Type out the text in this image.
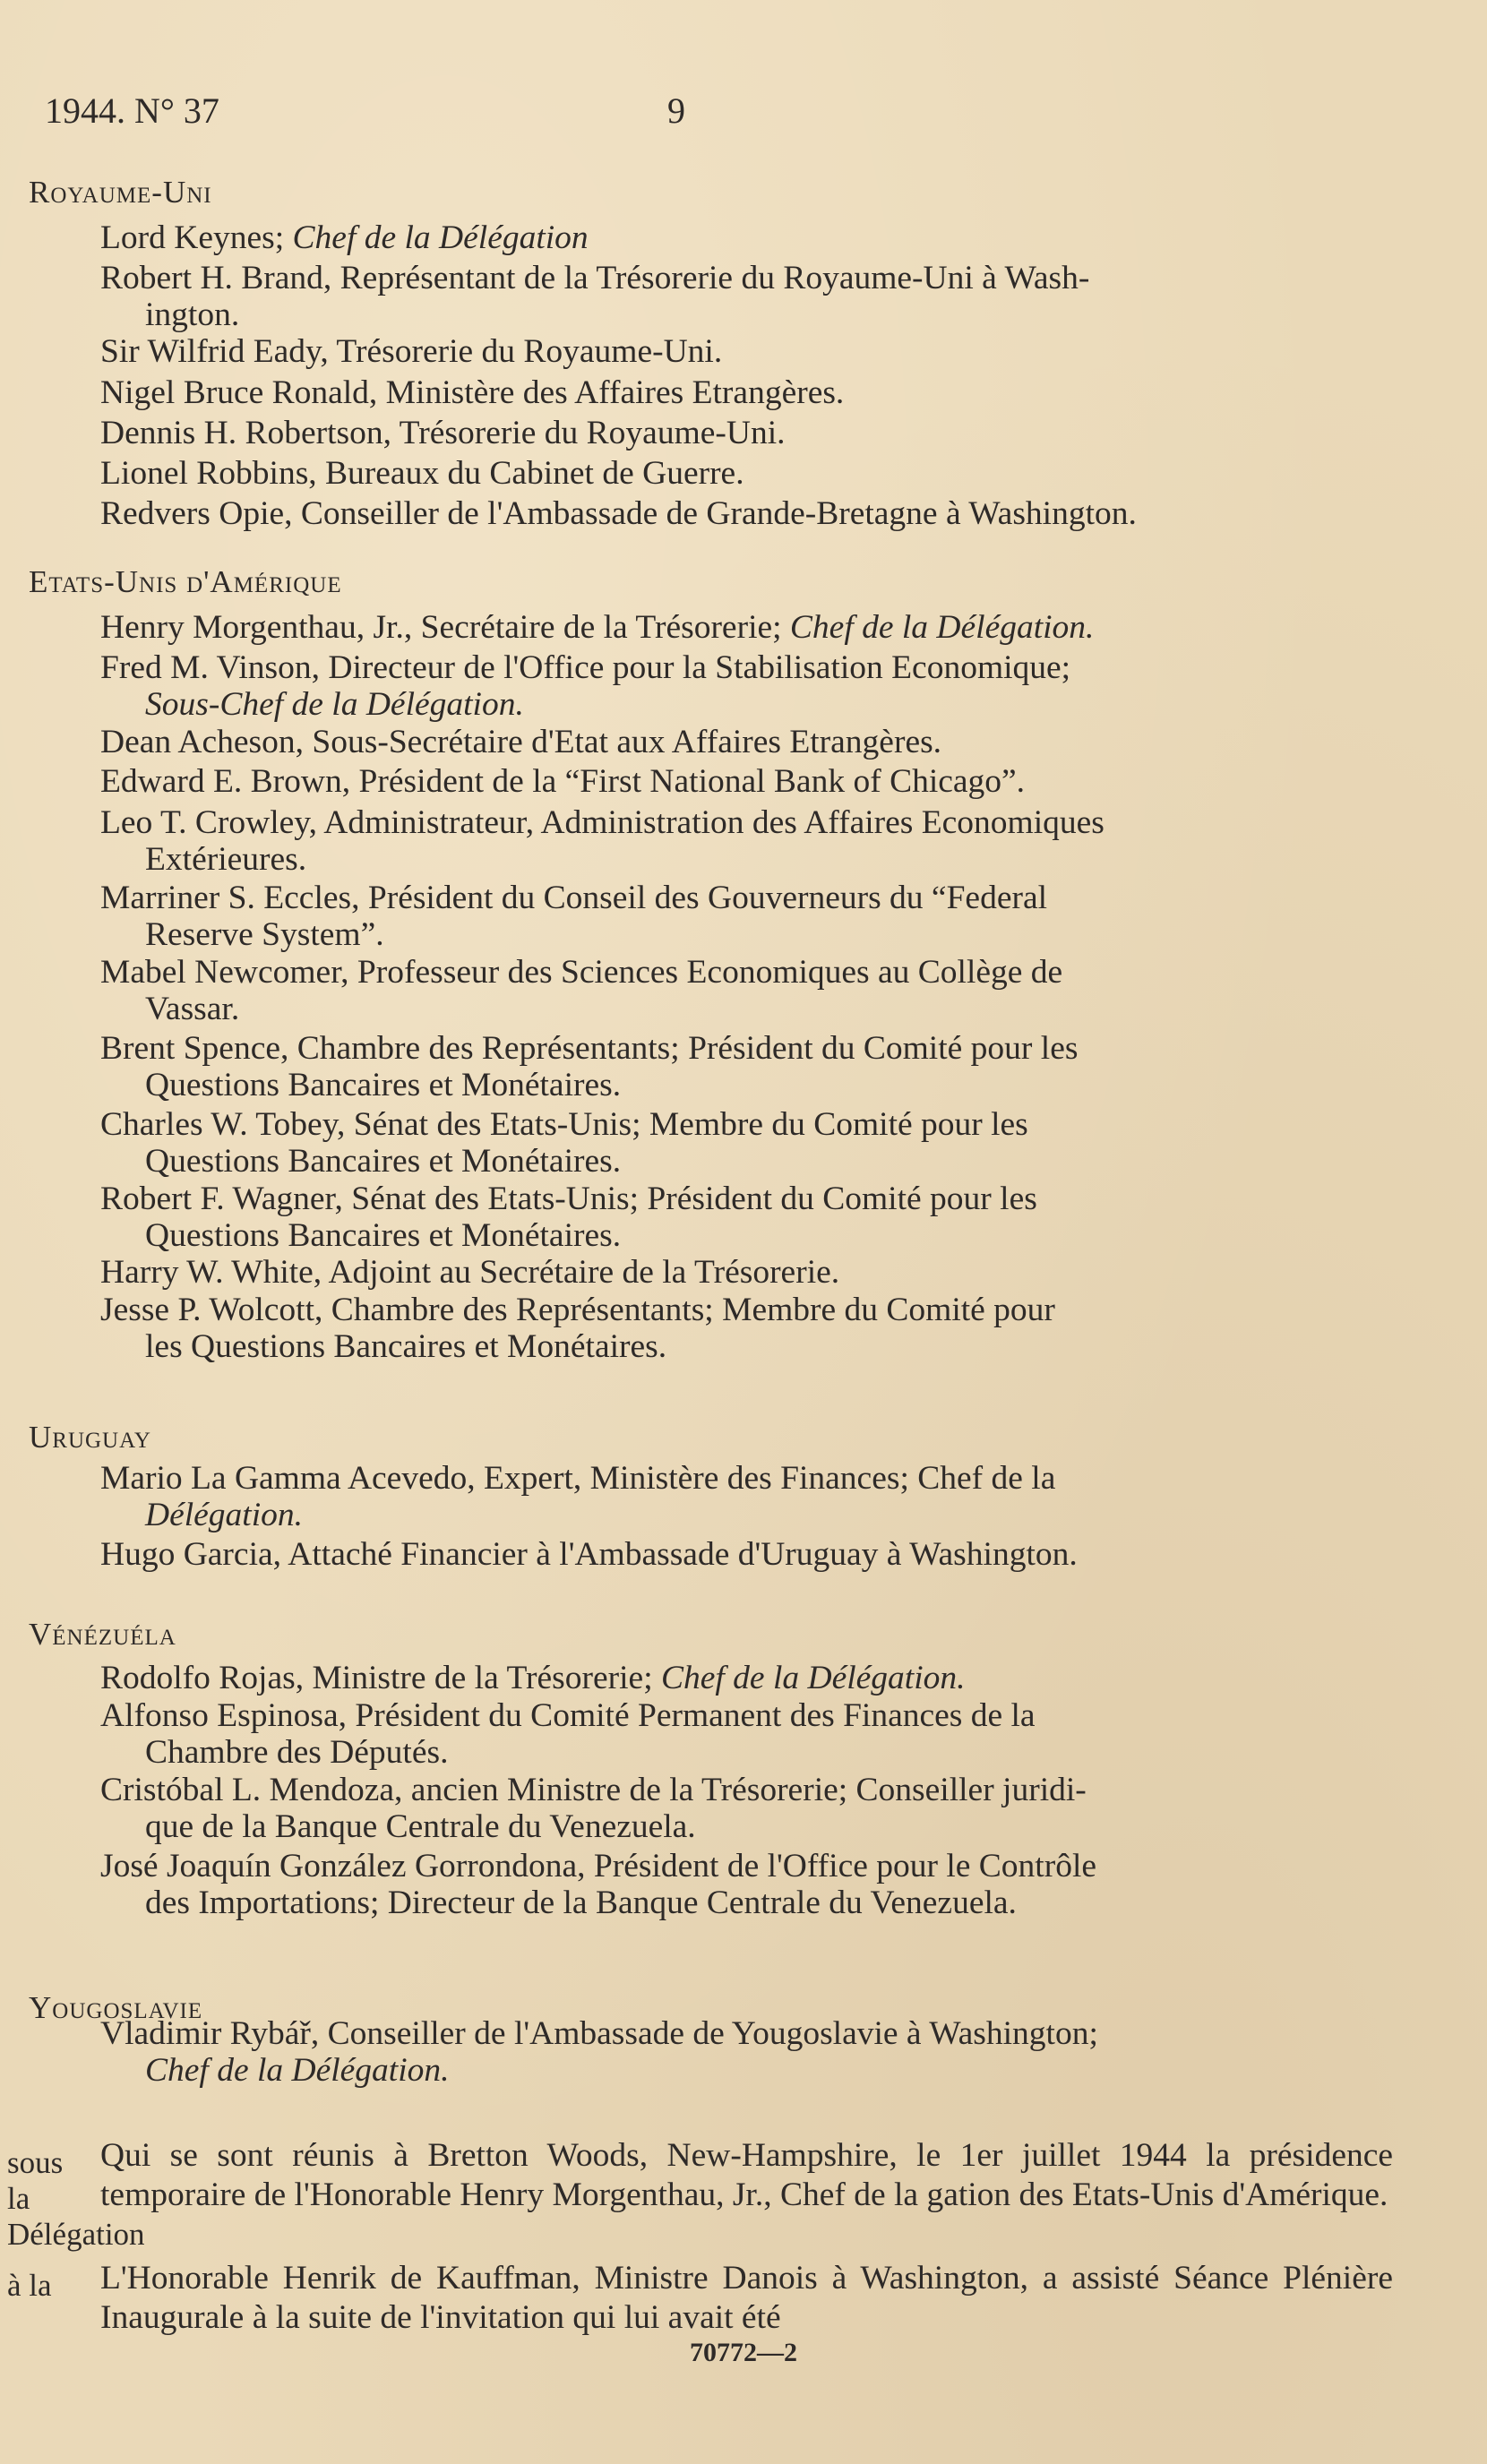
1944. N° 37	9
Royaume-Uni
Lord Keynes; Chef de la Délégation
Robert H. Brand, Représentant de la Trésorerie du Royaume-Uni à Wash-
ington.
Sir Wilfrid Eady, Trésorerie du Royaume-Uni.
Nigel Bruce Ronald, Ministère des Affaires Etrangères.
Dennis H. Robertson, Trésorerie du Royaume-Uni.
Lionel Robbins, Bureaux du Cabinet de Guerre.
Redvers Opie, Conseiller de l'Ambassade de Grande-Bretagne à Washington.
Etats-Unis d'Amérique
Henry Morgenthau, Jr., Secrétaire de la Trésorerie; Chef de la Délégation.
Fred M. Vinson, Directeur de l'Office pour la Stabilisation Economique;
Sous-Chef de la Délégation.
Dean Acheson, Sous-Secrétaire d'Etat aux Affaires Etrangères.
Edward E. Brown, Président de la “First National Bank of Chicago”.
Leo T. Crowley, Administrateur, Administration des Affaires Economiques
Extérieures.
Marriner S. Eccles, Président du Conseil des Gouverneurs du “Federal
Reserve System”.
Mabel Newcomer, Professeur des Sciences Economiques au Collège de
Vassar.
Brent Spence, Chambre des Représentants; Président du Comité pour les
Questions Bancaires et Monétaires.
Charles W. Tobey, Sénat des Etats-Unis; Membre du Comité pour les
Questions Bancaires et Monétaires.
Robert F. Wagner, Sénat des Etats-Unis; Président du Comité pour les
Questions Bancaires et Monétaires.
Harry W. White, Adjoint au Secrétaire de la Trésorerie.
Jesse P. Wolcott, Chambre des Représentants; Membre du Comité pour
les Questions Bancaires et Monétaires.
Uruguay
Mario La Gamma Acevedo, Expert, Ministère des Finances; Chef de la
Délégation.
Hugo Garcia, Attaché Financier à l'Ambassade d'Uruguay à Washington.
Vénézuéla
Rodolfo Rojas, Ministre de la Trésorerie; Chef de la Délégation.
Alfonso Espinosa, Président du Comité Permanent des Finances de la
Chambre des Députés.
Cristóbal L. Mendoza, ancien Ministre de la Trésorerie; Conseiller juridi-
que de la Banque Centrale du Venezuela.
José Joaquín González Gorrondona, Président de l'Office pour le Contrôle
des Importations; Directeur de la Banque Centrale du Venezuela.
Yougoslavie
Vladimir Rybář, Conseiller de l'Ambassade de Yougoslavie à Washington;
Chef de la Délégation.
sous la Délégation
Qui se sont réunis à Bretton Woods, New-Hampshire, le 1er juillet 1944 la présidence temporaire de l'Honorable Henry Morgenthau, Jr., Chef de la gation des Etats-Unis d'Amérique.
à la L'Honorable Henrik de Kauffman, Ministre Danois à Washington, a assisté Séance Plénière Inaugurale à la suite de l'invitation qui lui avait été
70772—2
